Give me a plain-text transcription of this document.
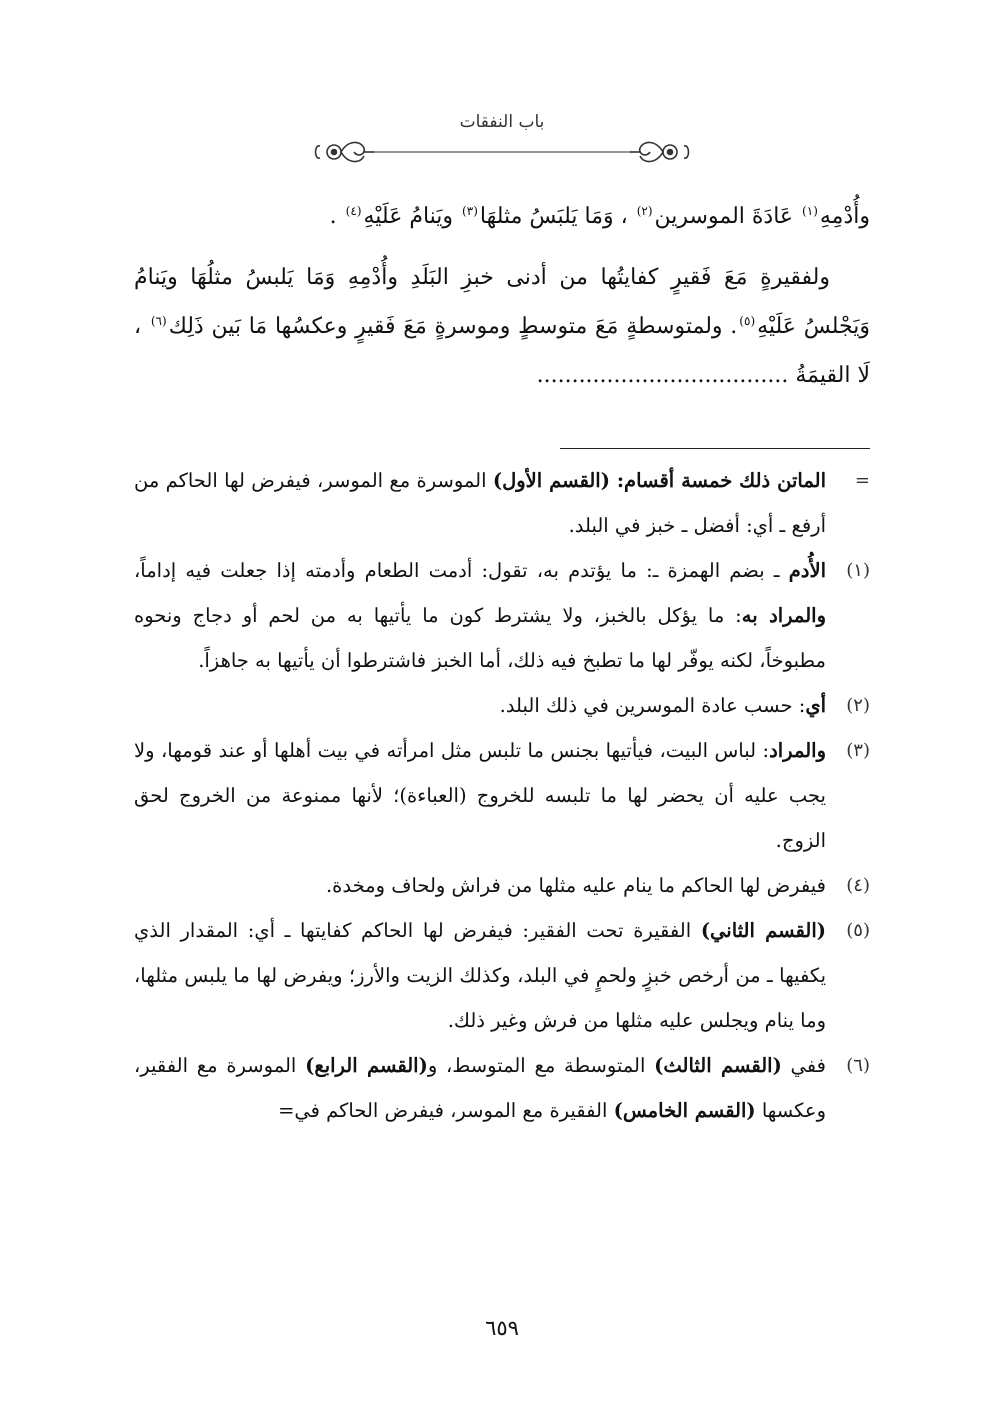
باب النفقات

وأُدْمِهِ$^{(١)}$ عَادَةَ الموسرين$^{(٢)}$ ، وَمَا يَلبَسُ مثلهَا$^{(٣)}$ ويَنامُ عَلَيْهِ$^{(٤)}$ .

ولفقيرةٍ مَعَ فَقيرٍ كفايتُها من أدنى خبزِ البَلَدِ وأُدْمِهِ وَمَا يَلبسُ مثلُهَا ويَنامُ وَيَجْلسُ عَلَيْهِ$^{(٥)}$. ولمتوسطةٍ مَعَ متوسطٍ وموسرةٍ مَعَ فَقيرٍ وعكسُها مَا بَين ذَلِك$^{(٦)}$ ، لَا القيمَةُ ....................................

=
الماتن ذلك خمسة أقسام: (القسم الأول) الموسرة مع الموسر، فيفرض لها الحاكم من أرفع ـ أي: أفضل ـ خبز في البلد.
(١)
الأُدم ـ بضم الهمزة ـ: ما يؤتدم به، تقول: أدمت الطعام وأدمته إذا جعلت فيه إداماً، والمراد به: ما يؤكل بالخبز، ولا يشترط كون ما يأتيها به من لحم أو دجاج ونحوه مطبوخاً، لكنه يوفّر لها ما تطبخ فيه ذلك، أما الخبز فاشترطوا أن يأتيها به جاهزاً.
(٢)
أي: حسب عادة الموسرين في ذلك البلد.
(٣)
والمراد: لباس البيت، فيأتيها بجنس ما تلبس مثل امرأته في بيت أهلها أو عند قومها، ولا يجب عليه أن يحضر لها ما تلبسه للخروج (العباءة)؛ لأنها ممنوعة من الخروج لحق الزوج.
(٤)
فيفرض لها الحاكم ما ينام عليه مثلها من فراش ولحاف ومخدة.
(٥)
(القسم الثاني) الفقيرة تحت الفقير: فيفرض لها الحاكم كفايتها ـ أي: المقدار الذي يكفيها ـ من أرخص خبزٍ ولحمٍ في البلد، وكذلك الزيت والأرز؛ ويفرض لها ما يلبس مثلها، وما ينام ويجلس عليه مثلها من فرش وغير ذلك.
(٦)
ففي (القسم الثالث) المتوسطة مع المتوسط، و(القسم الرابع) الموسرة مع الفقير، وعكسها (القسم الخامس) الفقيرة مع الموسر، فيفرض الحاكم في=
٦٥٩
